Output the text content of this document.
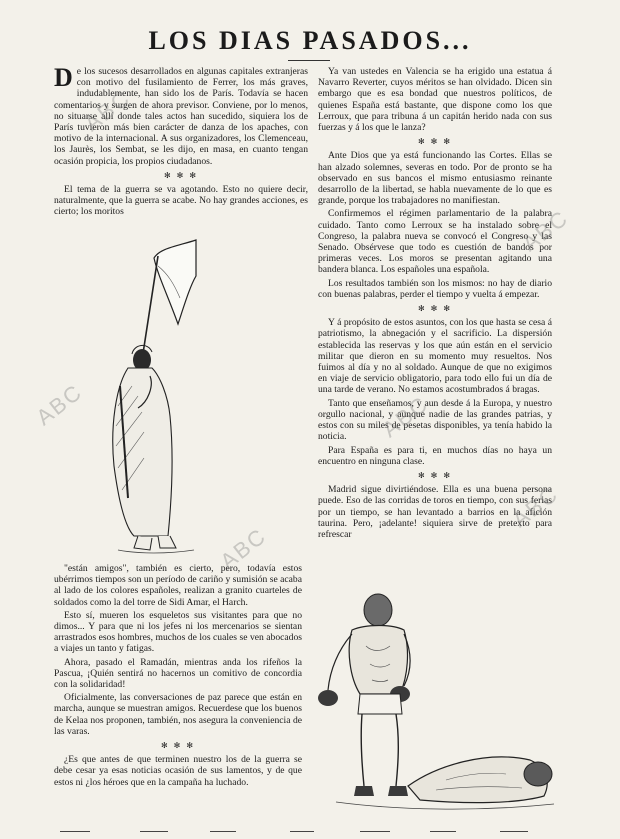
LOS DIAS PASADOS...
D e los sucesos desarrollados en algunas capitales extranjeras con motivo del fusilamiento de Ferrer, los más graves, indudablemente, han sido los de París. Todavía se hacen comentarios y surgen de ahora previsor. Conviene, por lo menos, no situarse allí donde tales actos han sucedido, siquiera los de París tuvieron más bien carácter de danza de los apaches, con motivo de la internacional. A sus organizadores, los Clemenceau, los Jaurès, los Sembat, se les dijo, en masa, en cuanto tengan ocasión propicia, los propios ciudadanos.

✻ ✻ ✻

El tema de la guerra se va agotando. Esto no quiere decir, naturalmente, que la guerra se acabe. No hay grandes acciones, es cierto; los moritos

"están amigos", también es cierto, pero, todavía estos ubérrimos tiempos son un período de cariño y sumisión se acaba al lado de los colores españoles, realizan a granito cuarteles de soldados como la del torre de Sidi Amar, el Harch.

Esto sí, mueren los esqueletos sus visitantes para que no dimos... Y para que ni los jefes ni los mercenarios se sientan arrastrados esos hombres, muchos de los cuales se ven abocados a viajes un tanto y fatigas.

Ahora, pasado el Ramadán, mientras anda los rifeños la Pascua, ¡Quién sentirá no hacernos un comitivo de concordia con la solidaridad!

Oficialmente, las conversaciones de paz parece que están en marcha, aunque se muestran amigos. Recuerdese que los buenos de Kelaa nos proponen, también, nos asegura la conveniencia de las varas.

✻ ✻ ✻

¿Es que antes de que terminen nuestro los de la guerra se debe cesar ya esas noticias ocasión de sus lamentos, y de que estos ni ¿los héroes que en la campaña ha luchado.

Ya van ustedes en Valencia se ha erigido una estatua á Navarro Reverter, cuyos méritos se han olvidado. Dicen sin embargo que es esa bondad que nuestros políticos, de quienes España está bastante, que dispone como los que Lerroux, que para tribuna á un capitán herido nada con sus fuerzas y á los que le lanza?

✻ ✻ ✻

Ante Dios que ya está funcionando las Cortes. Ellas se han alzado solemnes, severas en todo. Por de pronto se ha observado en sus bancos el mismo entusiasmo reinante desarrollo de la libertad, se habla nuevamente de lo que es grande, porque los trabajadores no manifiestan.

Confirmemos el régimen parlamentario de la palabra cuidado. Tanto como Lerroux se ha instalado sobre el Congreso, la palabra nueva se convocó el Congreso y las Senado. Obsérvese que todo es cuestión de bandos por primeras veces. Los moros se presentan agitando una bandera blanca. Los españoles una española.

Los resultados también son los mismos: no hay de diario con buenas palabras, perder el tiempo y vuelta á empezar.

✻ ✻ ✻

Y á propósito de estos asuntos, con los que hasta se cesa á patriotismo, la abnegación y el sacrificio. La dispersión establecida las reservas y los que aún están en el servicio militar que dieron en su momento muy resueltos. Nos fuimos al día y no al soldado. Aunque de que no exigimos en viaje de servicio obligatorio, para todo ello fui un día de una tarde de verano. No estamos acostumbrados á bragas.

Tanto que enseñamos, y aun desde á la Europa, y nuestro orgullo nacional, y aunque nadie de las grandes patrias, y estos con su miles de pesetas disponibles, ya tenía habido la noticia.

Para España es para ti, en muchos días no haya un encuentro en ninguna clase.

✻ ✻ ✻

Madrid sigue divirtiéndose. Ella es una buena persona puede. Eso de las corridas de toros en tiempo, con sus ferias por un tiempo, se han levantado a barrios en la afición taurina. Pero, ¡adelante! siquiera sirve de pretexto para refrescar

ABC
ABC
ABC
ABC
ABC
ABC
